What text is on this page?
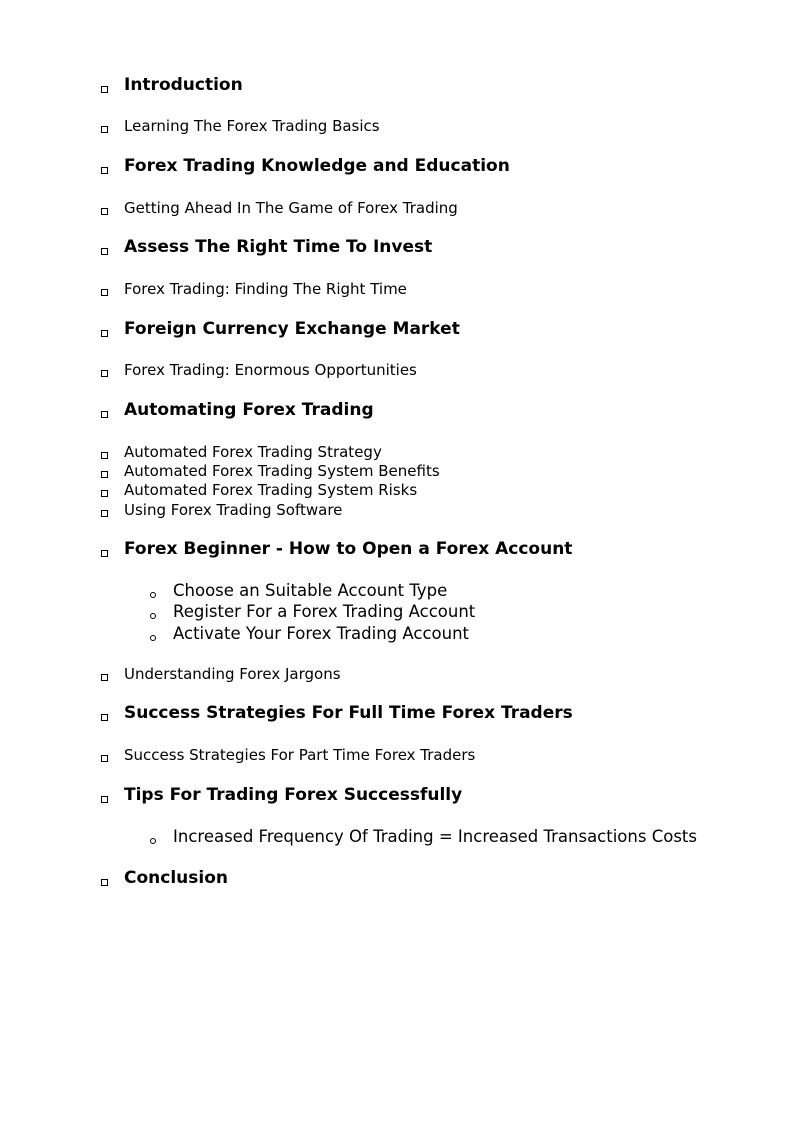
Introduction
Learning The Forex Trading Basics
Forex Trading Knowledge and Education
Getting Ahead In The Game of Forex Trading
Assess The Right Time To Invest
Forex Trading: Finding The Right Time
Foreign Currency Exchange Market
Forex Trading: Enormous Opportunities
Automating Forex Trading
Automated Forex Trading Strategy
Automated Forex Trading System Benefits
Automated Forex Trading System Risks
Using Forex Trading Software
Forex Beginner - How to Open a Forex Account
Choose an Suitable Account Type
Register For a Forex Trading Account
Activate Your Forex Trading Account
Understanding Forex Jargons
Success Strategies For Full Time Forex Traders
Success Strategies For Part Time Forex Traders
Tips For Trading Forex Successfully
Increased Frequency Of Trading = Increased Transactions Costs
Conclusion
